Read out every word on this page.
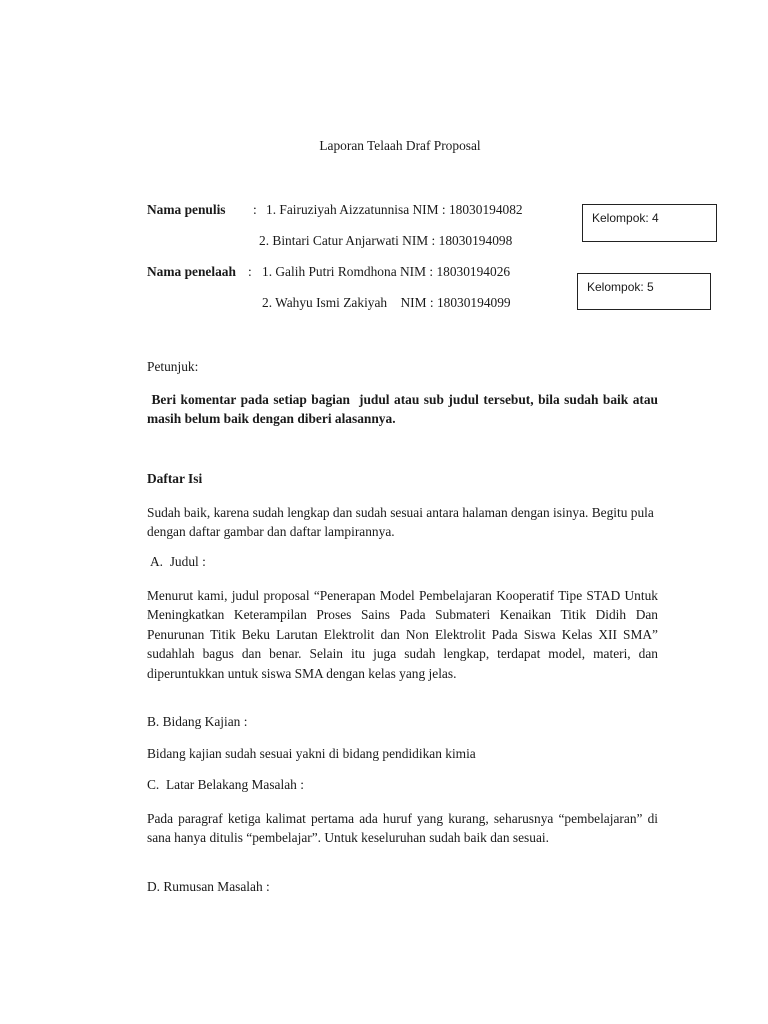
Laporan Telaah Draf Proposal
Nama penulis : 1. Fairuziyah Aizzatunnisa NIM : 18030194082
2. Bintari Catur Anjarwati NIM : 18030194098
Nama penelaah : 1. Galih Putri Romdhona NIM : 18030194026
2. Wahyu Ismi Zakiyah    NIM : 18030194099
Kelompok: 4
Kelompok: 5
Petunjuk:
Beri komentar pada setiap bagian  judul atau sub judul tersebut, bila sudah baik atau masih belum baik dengan diberi alasannya.
Daftar Isi
Sudah baik, karena sudah lengkap dan sudah sesuai antara halaman dengan isinya. Begitu pula dengan daftar gambar dan daftar lampirannya.
A.  Judul :
Menurut kami, judul proposal “Penerapan Model Pembelajaran Kooperatif Tipe STAD Untuk Meningkatkan Keterampilan Proses Sains Pada Submateri Kenaikan Titik Didih Dan Penurunan Titik Beku Larutan Elektrolit dan Non Elektrolit Pada Siswa Kelas XII SMA” sudahlah bagus dan benar. Selain itu juga sudah lengkap, terdapat model, materi, dan diperuntukkan untuk siswa SMA dengan kelas yang jelas.
B. Bidang Kajian :
Bidang kajian sudah sesuai yakni di bidang pendidikan kimia
C.  Latar Belakang Masalah :
Pada paragraf ketiga kalimat pertama ada huruf yang kurang, seharusnya “pembelajaran” di sana hanya ditulis “pembelajar”. Untuk keseluruhan sudah baik dan sesuai.
D. Rumusan Masalah :
